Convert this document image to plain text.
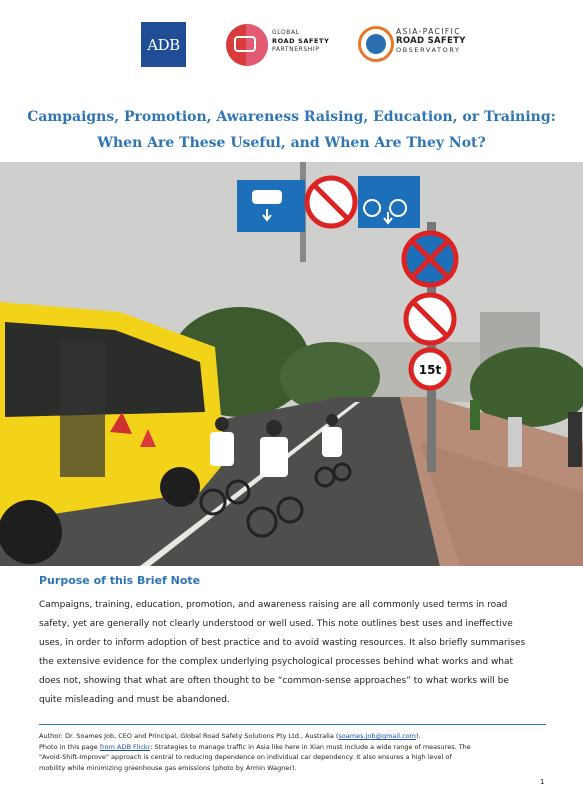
ADB
GLOBAL
ROAD SAFETY
PARTNERSHIP
ASIA-PACIFIC
ROAD SAFETY
OBSERVATORY
Campaigns, Promotion, Awareness Raising, Education, or Training:
When Are These Useful, and When Are They Not?
15t
Purpose of this Brief Note
Campaigns, training, education, promotion, and awareness raising are all commonly used terms in road
safety, yet are generally not clearly understood or well used. This note outlines best uses and ineffective
uses, in order to inform adoption of best practice and to avoid wasting resources. It also briefly summarises
the extensive evidence for the complex underlying psychological processes behind what works and what
does not, showing that what are often thought to be “common-sense approaches” to what works will be
quite misleading and must be abandoned.
Author: Dr. Soames Job, CEO and Principal, Global Road Safety Solutions Pty Ltd., Australia (soames.job@gmail.com).
Photo in this page from ADB Flickr: Strategies to manage traffic in Asia like here in Xian must include a wide range of measures. The
"Avoid-Shift-Improve" approach is central to reducing dependence on individual car dependency. It also ensures a high level of
mobility while minimizing greenhouse gas emissions (photo by Armin Wagner).
1
